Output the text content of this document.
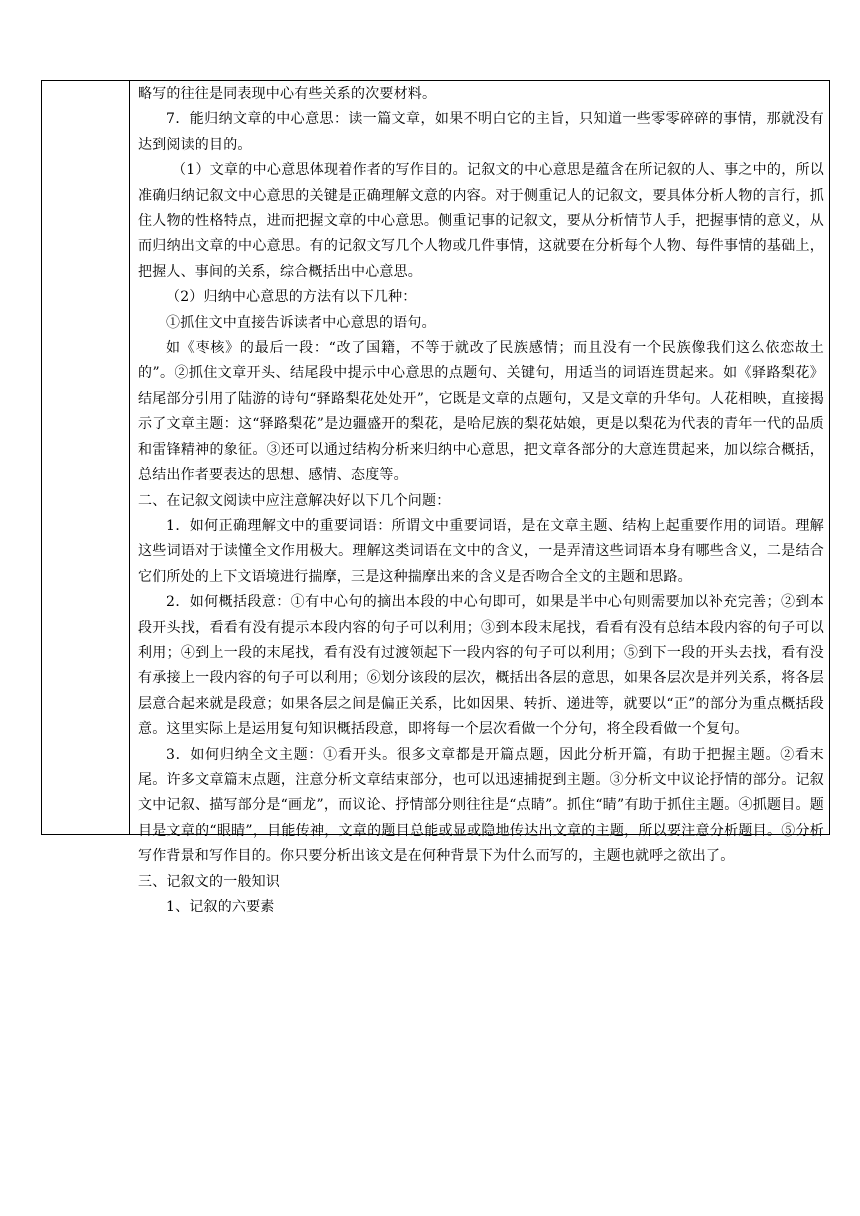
略写的往往是同表现中心有些关系的次要材料。

7．能归纳文章的中心意思：读一篇文章，如果不明白它的主旨，只知道一些零零碎碎的事情，那就没有达到阅读的目的。

（1）文章的中心意思体现着作者的写作目的。记叙文的中心意思是蕴含在所记叙的人、事之中的，所以准确归纳记叙文中心意思的关键是正确理解文意的内容。对于侧重记人的记叙文，要具体分析人物的言行，抓住人物的性格特点，进而把握文章的中心意思。侧重记事的记叙文，要从分析情节人手，把握事情的意义，从而归纳出文章的中心意思。有的记叙文写几个人物或几件事情，这就要在分析每个人物、每件事情的基础上，把握人、事间的关系，综合概括出中心意思。

（2）归纳中心意思的方法有以下几种：

①抓住文中直接告诉读者中心意思的语句。

如《枣核》的最后一段：“改了国籍，不等于就改了民族感情；而且没有一个民族像我们这么依恋故土的”。②抓住文章开头、结尾段中提示中心意思的点题句、关键句，用适当的词语连贯起来。如《驿路梨花》结尾部分引用了陆游的诗句“驿路梨花处处开”，它既是文章的点题句，又是文章的升华句。人花相映，直接揭示了文章主题：这“驿路梨花”是边疆盛开的梨花，是哈尼族的梨花姑娘，更是以梨花为代表的青年一代的品质和雷锋精神的象征。③还可以通过结构分析来归纳中心意思，把文章各部分的大意连贯起来，加以综合概括，总结出作者要表达的思想、感情、态度等。

二、在记叙文阅读中应注意解决好以下几个问题：

1．如何正确理解文中的重要词语：所谓文中重要词语，是在文章主题、结构上起重要作用的词语。理解这些词语对于读懂全文作用极大。理解这类词语在文中的含义，一是弄清这些词语本身有哪些含义，二是结合它们所处的上下文语境进行揣摩，三是这种揣摩出来的含义是否吻合全文的主题和思路。

2．如何概括段意：①有中心句的摘出本段的中心句即可，如果是半中心句则需要加以补充完善；②到本段开头找，看看有没有提示本段内容的句子可以利用；③到本段末尾找，看看有没有总结本段内容的句子可以利用；④到上一段的末尾找，看有没有过渡领起下一段内容的句子可以利用；⑤到下一段的开头去找，看有没有承接上一段内容的句子可以利用；⑥划分该段的层次，概括出各层的意思，如果各层次是并列关系，将各层层意合起来就是段意；如果各层之间是偏正关系，比如因果、转折、递进等，就要以“正”的部分为重点概括段意。这里实际上是运用复句知识概括段意，即将每一个层次看做一个分句，将全段看做一个复句。

3．如何归纳全文主题：①看开头。很多文章都是开篇点题，因此分析开篇，有助于把握主题。②看末尾。许多文章篇末点题，注意分析文章结束部分，也可以迅速捕捉到主题。③分析文中议论抒情的部分。记叙文中记叙、描写部分是“画龙”，而议论、抒情部分则往往是“点睛”。抓住“睛”有助于抓住主题。④抓题目。题目是文章的“眼睛”，目能传神，文章的题目总能或显或隐地传达出文章的主题，所以要注意分析题目。⑤分析写作背景和写作目的。你只要分析出该文是在何种背景下为什么而写的，主题也就呼之欲出了。

三、记叙文的一般知识

1、记叙的六要素
